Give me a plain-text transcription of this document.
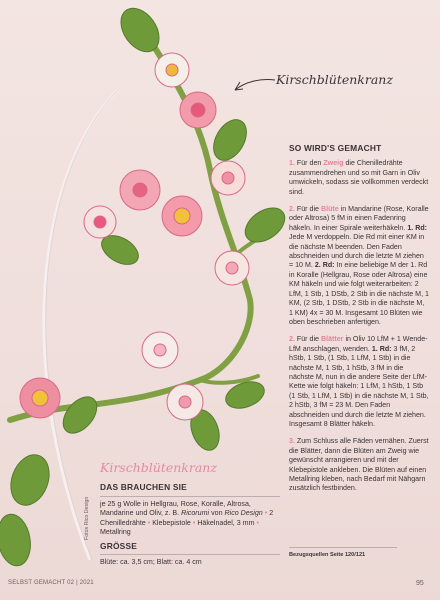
Kirschblütenkranz
SO WIRD'S GEMACHT
1. Für den Zweig die Chenilledrähte zusammendrehen und so mit Garn in Oliv umwickeln, sodass sie vollkommen verdeckt sind.
2. Für die Blüte in Mandarine (Rose, Koralle oder Altrosa) 5 fM in einen Fadenring häkeln. In einer Spirale weiterhäkeln. 1. Rd: Jede M verdoppeln. Die Rd mit einer KM in die nächste M beenden. Den Faden abschneiden und durch die letzte M ziehen = 10 M. 2. Rd: In eine beliebige M der 1. Rd in Koralle (Hellgrau, Rose oder Altrosa) eine KM häkeln und wie folgt weiterarbeiten: 2 LfM, 1 Stb, 1 DStb, 2 Stb in die nächste M, 1 KM, (2 Stb, 1 DStb, 2 Stb in die nächste M, 1 KM) 4x = 30 M. Insgesamt 10 Blüten wie oben beschrieben anfertigen.
2. Für die Blätter in Oliv 10 LfM + 1 Wende-LfM anschlagen, wenden. 1. Rd: 3 fM, 2 hStb, 1 Stb, (1 Stb, 1 LfM, 1 Stb) in die nächste M, 1 Stb, 1 hStb, 3 fM in die nächste M, nun in die andere Seite der LfM-Kette wie folgt häkeln: 1 LfM, 1 hStb, 1 Stb (1 Stb, 1 LfM, 1 Stb) in die nächste M, 1 Stb, 2 hStb, 3 fM = 23 M. Den Faden abschneiden und durch die letzte M ziehen. Insgesamt 8 Blätter häkeln.
3. Zum Schluss alle Fäden vernähen. Zuerst die Blätter, dann die Blüten am Zweig wie gewünscht arrangieren und mit der Klebepistole ankleben. Die Blüten auf einen Metallring kleben, nach Bedarf mit Nähgarn zusätzlich festbinden.
Bezugsquellen Seite 120/121
Kirschblütenkranz
DAS BRAUCHEN SIE
je 25 g Wolle in Hellgrau, Rose, Koralle, Altrosa, Mandarine und Oliv, z. B. Ricorumi von Rico Design • 2 Chenilledrähte • Klebepistole • Häkelnadel, 3 mm • Metallring
GRÖSSE
Blüte: ca. 3,5 cm; Blatt: ca. 4 cm
Fotos Rico Design
SELBST GEMACHT 02 | 2021	95
